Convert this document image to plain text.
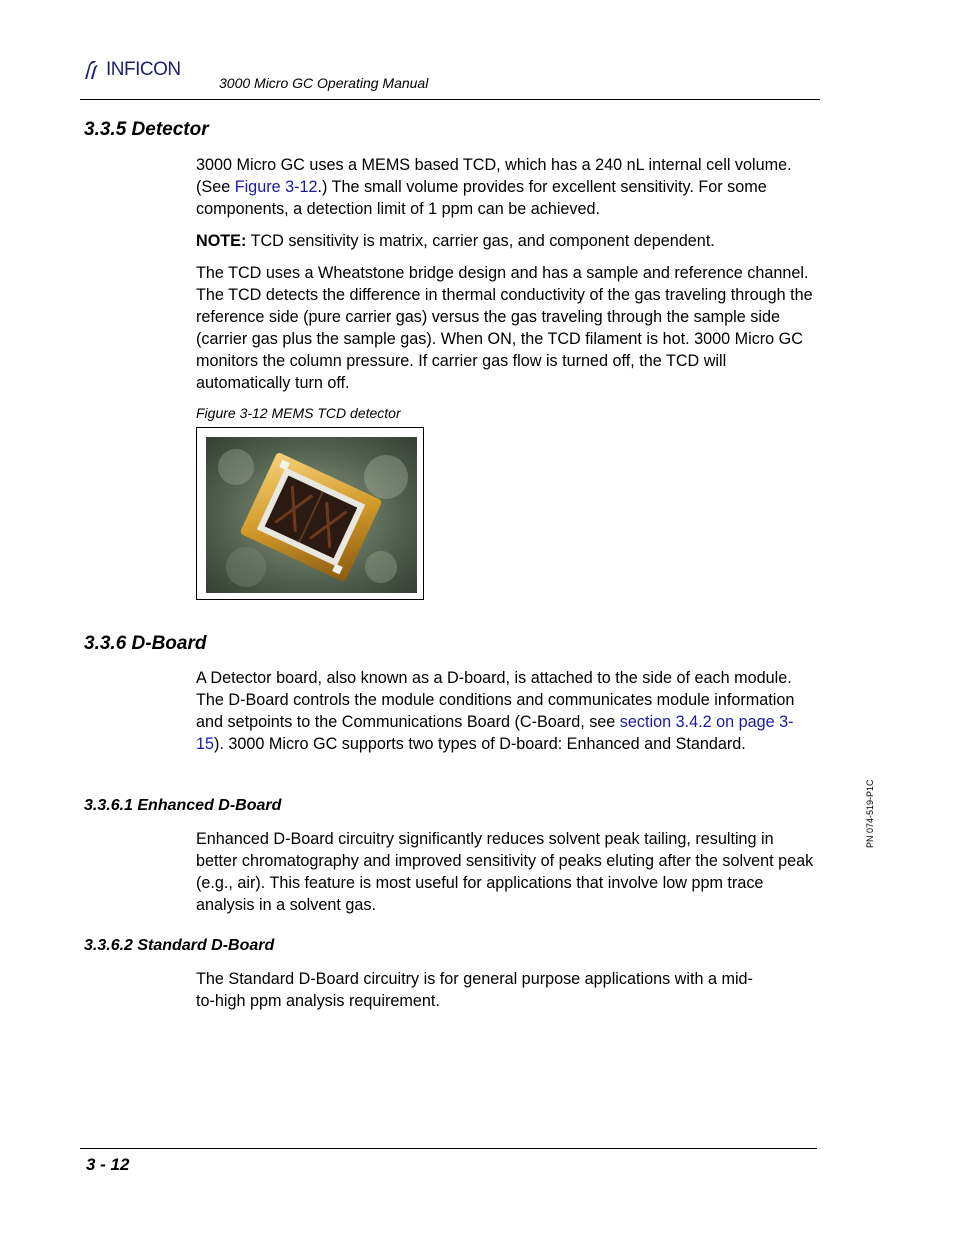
INFICON
3000 Micro GC Operating Manual
3.3.5 Detector
3000 Micro GC uses a MEMS based TCD, which has a 240 nL internal cell volume. (See Figure 3-12.) The small volume provides for excellent sensitivity. For some components, a detection limit of 1 ppm can be achieved.
NOTE: TCD sensitivity is matrix, carrier gas, and component dependent.
The TCD uses a Wheatstone bridge design and has a sample and reference channel. The TCD detects the difference in thermal conductivity of the gas traveling through the reference side (pure carrier gas) versus the gas traveling through the sample side (carrier gas plus the sample gas). When ON, the TCD filament is hot. 3000 Micro GC monitors the column pressure. If carrier gas flow is turned off, the TCD will automatically turn off.
Figure 3-12 MEMS TCD detector
3.3.6 D-Board
A Detector board, also known as a D-board, is attached to the side of each module. The D-Board controls the module conditions and communicates module information and setpoints to the Communications Board (C-Board, see section 3.4.2 on page 3-15). 3000 Micro GC supports two types of D-board: Enhanced and Standard.
3.3.6.1 Enhanced D-Board
Enhanced D-Board circuitry significantly reduces solvent peak tailing, resulting in better chromatography and improved sensitivity of peaks eluting after the solvent peak (e.g., air). This feature is most useful for applications that involve low ppm trace analysis in a solvent gas.
3.3.6.2 Standard D-Board
The Standard D-Board circuitry is for general purpose applications with a mid-to-high ppm analysis requirement.
PN 074-519-P1C
3 - 12
